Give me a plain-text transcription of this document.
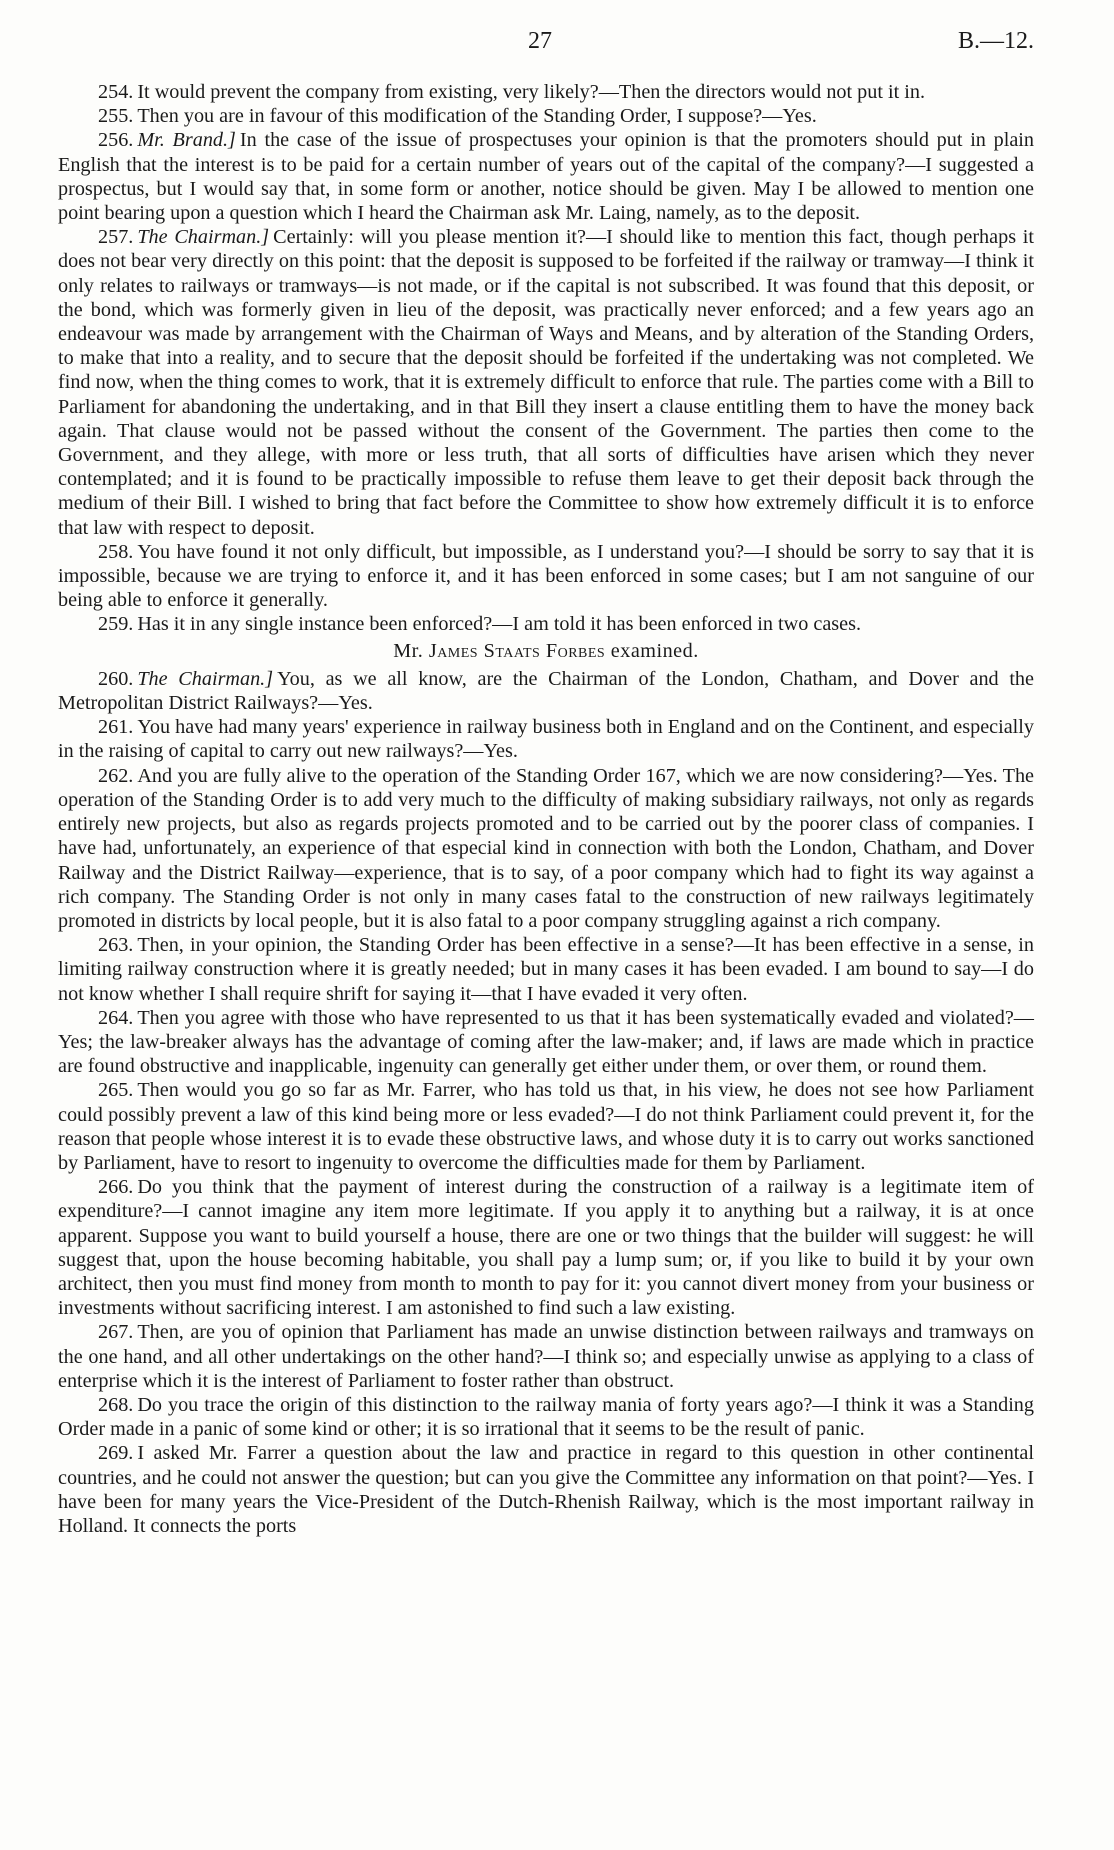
27	B.—12.

254. It would prevent the company from existing, very likely?—Then the directors would not put it in.

255. Then you are in favour of this modification of the Standing Order, I suppose?—Yes.

256. Mr. Brand.] In the case of the issue of prospectuses your opinion is that the promoters should put in plain English that the interest is to be paid for a certain number of years out of the capital of the company?—I suggested a prospectus, but I would say that, in some form or another, notice should be given. May I be allowed to mention one point bearing upon a question which I heard the Chairman ask Mr. Laing, namely, as to the deposit.

257. The Chairman.] Certainly: will you please mention it?—I should like to mention this fact, though perhaps it does not bear very directly on this point: that the deposit is supposed to be forfeited if the railway or tramway—I think it only relates to railways or tramways—is not made, or if the capital is not subscribed. It was found that this deposit, or the bond, which was formerly given in lieu of the deposit, was practically never enforced; and a few years ago an endeavour was made by arrangement with the Chairman of Ways and Means, and by alteration of the Standing Orders, to make that into a reality, and to secure that the deposit should be forfeited if the undertaking was not completed. We find now, when the thing comes to work, that it is extremely difficult to enforce that rule. The parties come with a Bill to Parliament for abandoning the undertaking, and in that Bill they insert a clause entitling them to have the money back again. That clause would not be passed without the consent of the Government. The parties then come to the Government, and they allege, with more or less truth, that all sorts of difficulties have arisen which they never contemplated; and it is found to be practically impossible to refuse them leave to get their deposit back through the medium of their Bill. I wished to bring that fact before the Committee to show how extremely difficult it is to enforce that law with respect to deposit.

258. You have found it not only difficult, but impossible, as I understand you?—I should be sorry to say that it is impossible, because we are trying to enforce it, and it has been enforced in some cases; but I am not sanguine of our being able to enforce it generally.

259. Has it in any single instance been enforced?—I am told it has been enforced in two cases.

Mr. James Staats Forbes examined.

260. The Chairman.] You, as we all know, are the Chairman of the London, Chatham, and Dover and the Metropolitan District Railways?—Yes.

261. You have had many years' experience in railway business both in England and on the Continent, and especially in the raising of capital to carry out new railways?—Yes.

262. And you are fully alive to the operation of the Standing Order 167, which we are now considering?—Yes. The operation of the Standing Order is to add very much to the difficulty of making subsidiary railways, not only as regards entirely new projects, but also as regards projects promoted and to be carried out by the poorer class of companies. I have had, unfortunately, an experience of that especial kind in connection with both the London, Chatham, and Dover Railway and the District Railway—experience, that is to say, of a poor company which had to fight its way against a rich company. The Standing Order is not only in many cases fatal to the construction of new railways legitimately promoted in districts by local people, but it is also fatal to a poor company struggling against a rich company.

263. Then, in your opinion, the Standing Order has been effective in a sense?—It has been effective in a sense, in limiting railway construction where it is greatly needed; but in many cases it has been evaded. I am bound to say—I do not know whether I shall require shrift for saying it—that I have evaded it very often.

264. Then you agree with those who have represented to us that it has been systematically evaded and violated?—Yes; the law-breaker always has the advantage of coming after the law-maker; and, if laws are made which in practice are found obstructive and inapplicable, ingenuity can generally get either under them, or over them, or round them.

265. Then would you go so far as Mr. Farrer, who has told us that, in his view, he does not see how Parliament could possibly prevent a law of this kind being more or less evaded?—I do not think Parliament could prevent it, for the reason that people whose interest it is to evade these obstructive laws, and whose duty it is to carry out works sanctioned by Parliament, have to resort to ingenuity to overcome the difficulties made for them by Parliament.

266. Do you think that the payment of interest during the construction of a railway is a legitimate item of expenditure?—I cannot imagine any item more legitimate. If you apply it to anything but a railway, it is at once apparent. Suppose you want to build yourself a house, there are one or two things that the builder will suggest: he will suggest that, upon the house becoming habitable, you shall pay a lump sum; or, if you like to build it by your own architect, then you must find money from month to month to pay for it: you cannot divert money from your business or investments without sacrificing interest. I am astonished to find such a law existing.

267. Then, are you of opinion that Parliament has made an unwise distinction between railways and tramways on the one hand, and all other undertakings on the other hand?—I think so; and especially unwise as applying to a class of enterprise which it is the interest of Parliament to foster rather than obstruct.

268. Do you trace the origin of this distinction to the railway mania of forty years ago?—I think it was a Standing Order made in a panic of some kind or other; it is so irrational that it seems to be the result of panic.

269. I asked Mr. Farrer a question about the law and practice in regard to this question in other continental countries, and he could not answer the question; but can you give the Committee any information on that point?—Yes. I have been for many years the Vice-President of the Dutch-Rhenish Railway, which is the most important railway in Holland. It connects the ports
